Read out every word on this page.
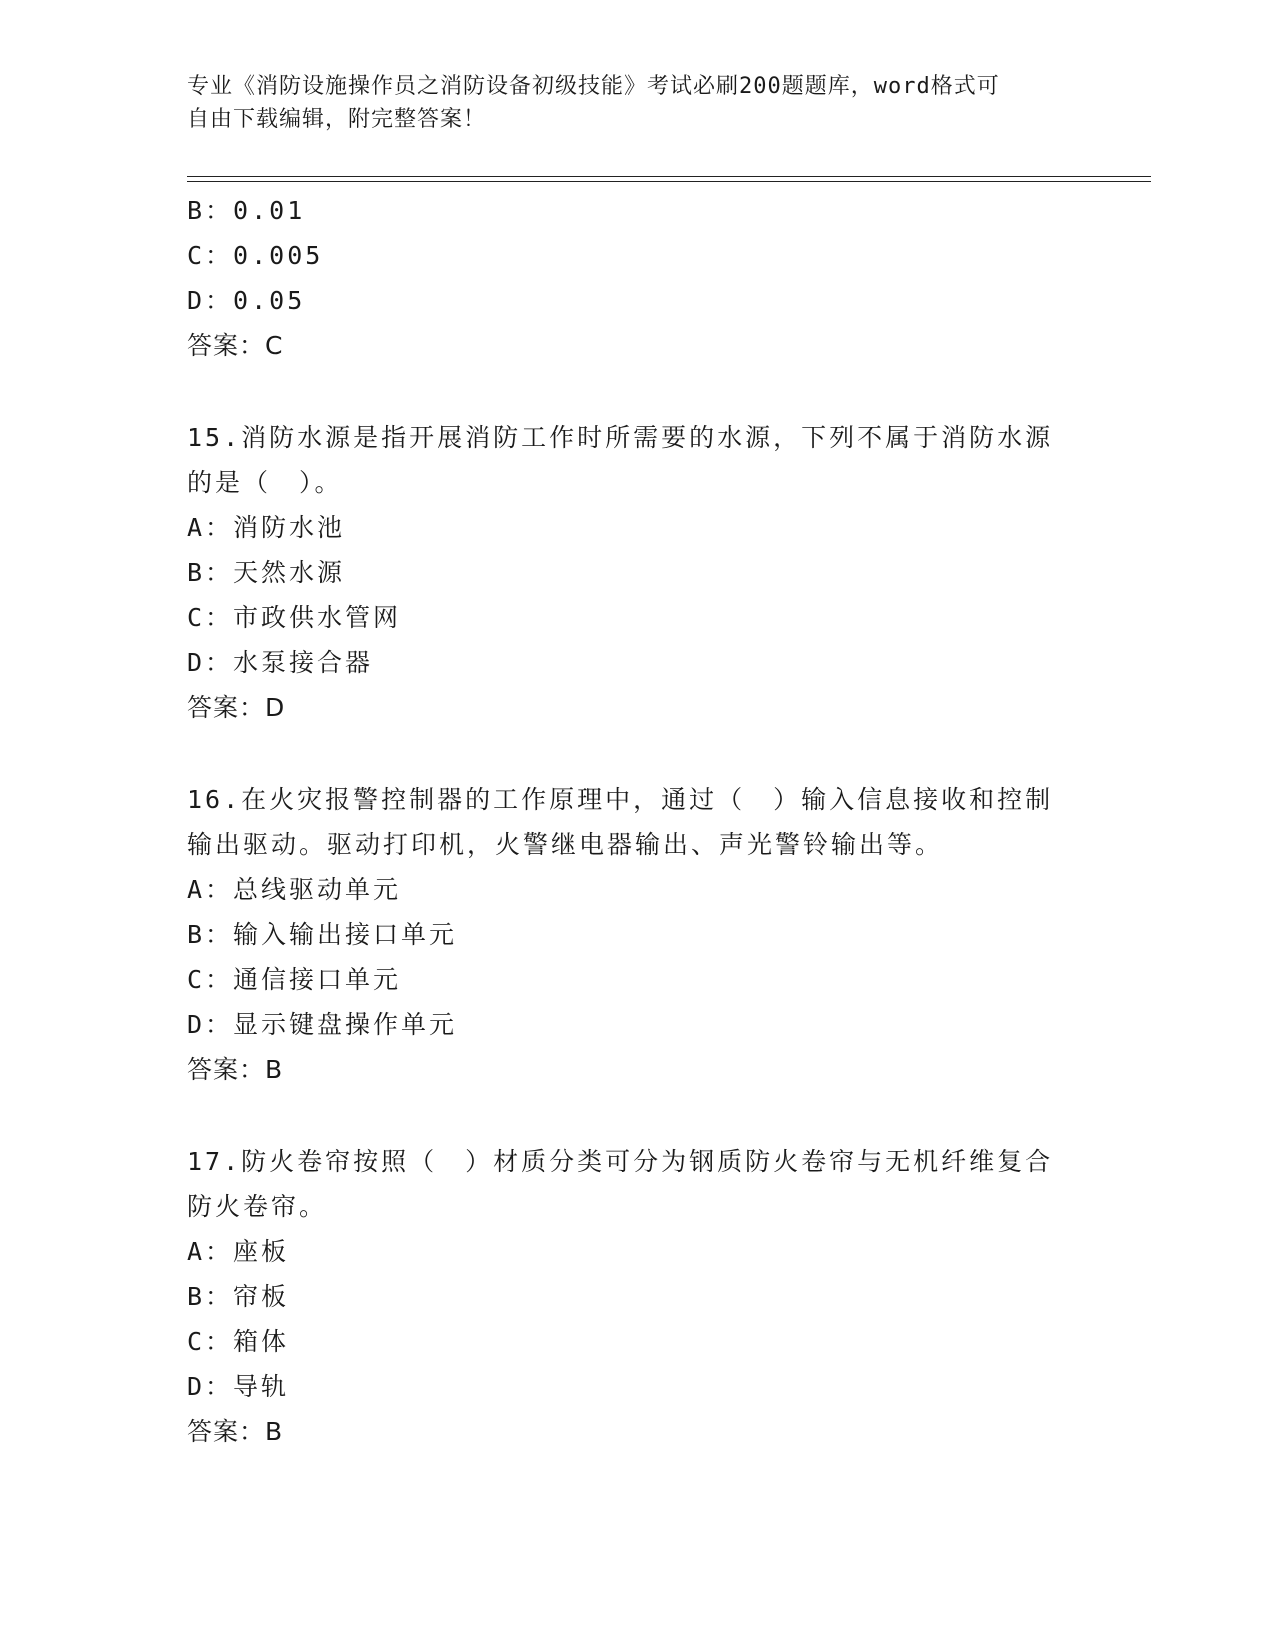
专业《消防设施操作员之消防设备初级技能》考试必刷200题题库，word格式可
自由下载编辑，附完整答案！
B：0.01
C：0.005
D：0.05
答案：C
15.消防水源是指开展消防工作时所需要的水源，下列不属于消防水源
的是（　）。
A：消防水池
B：天然水源
C：市政供水管网
D：水泵接合器
答案：D
16.在火灾报警控制器的工作原理中，通过（　）输入信息接收和控制
输出驱动。驱动打印机，火警继电器输出、声光警铃输出等。
A：总线驱动单元
B：输入输出接口单元
C：通信接口单元
D：显示键盘操作单元
答案：B
17.防火卷帘按照（　）材质分类可分为钢质防火卷帘与无机纤维复合
防火卷帘。
A：座板
B：帘板
C：箱体
D：导轨
答案：B
